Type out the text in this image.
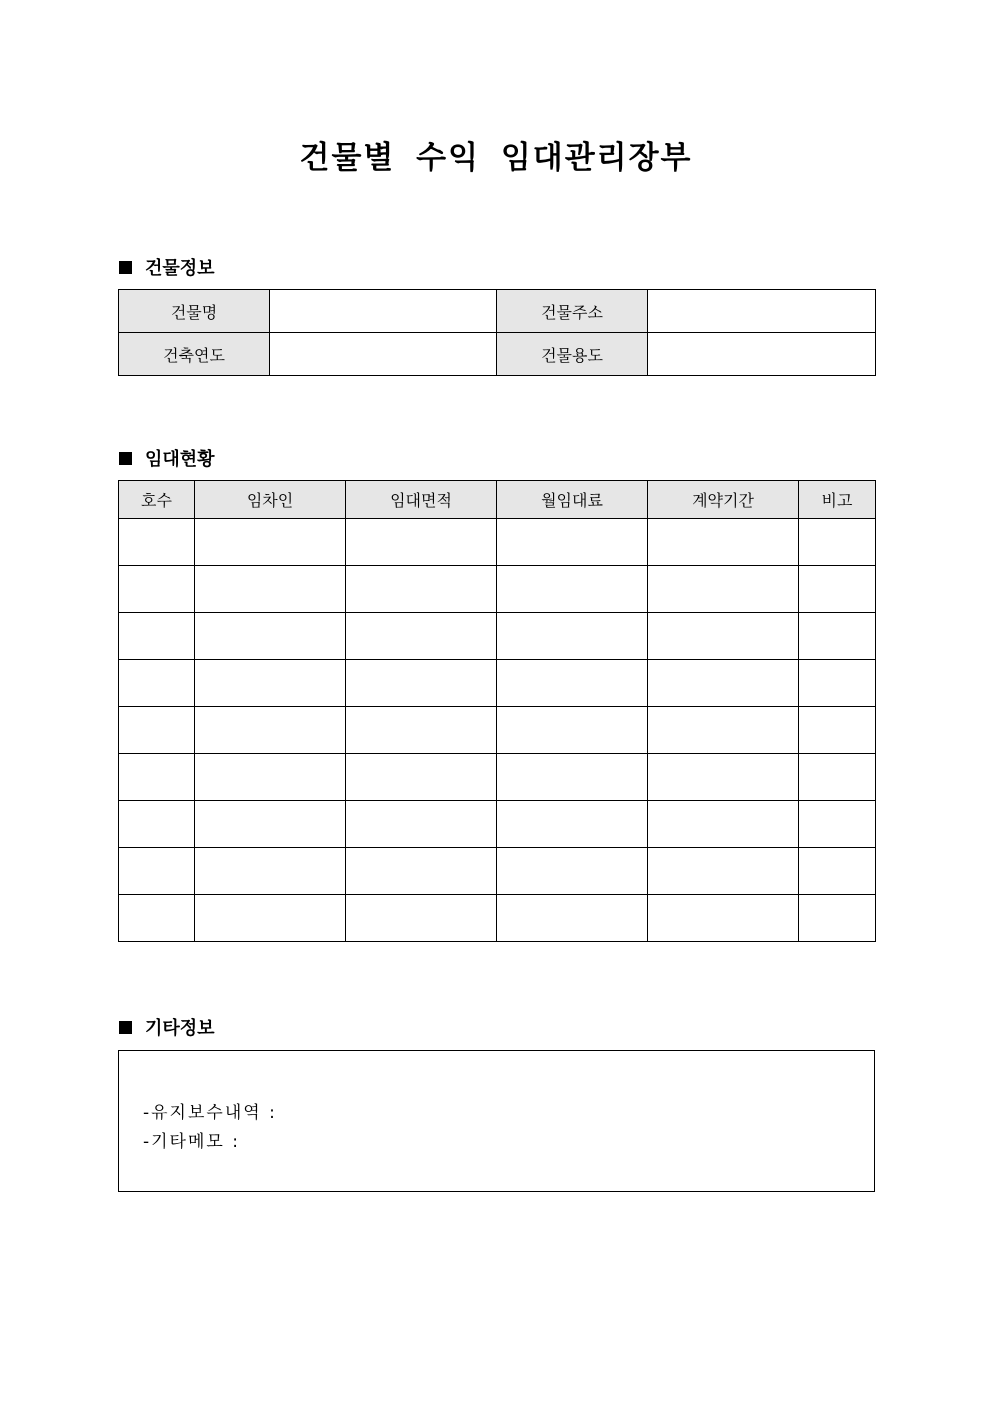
건물별 수익 임대관리장부
건물정보
건물명		건물주소	
건축연도		건물용도	
임대현황
호수	임차인	임대면적	월임대료	계약기간	비고

기타정보
-유지보수내역 :
-기타메모 :
